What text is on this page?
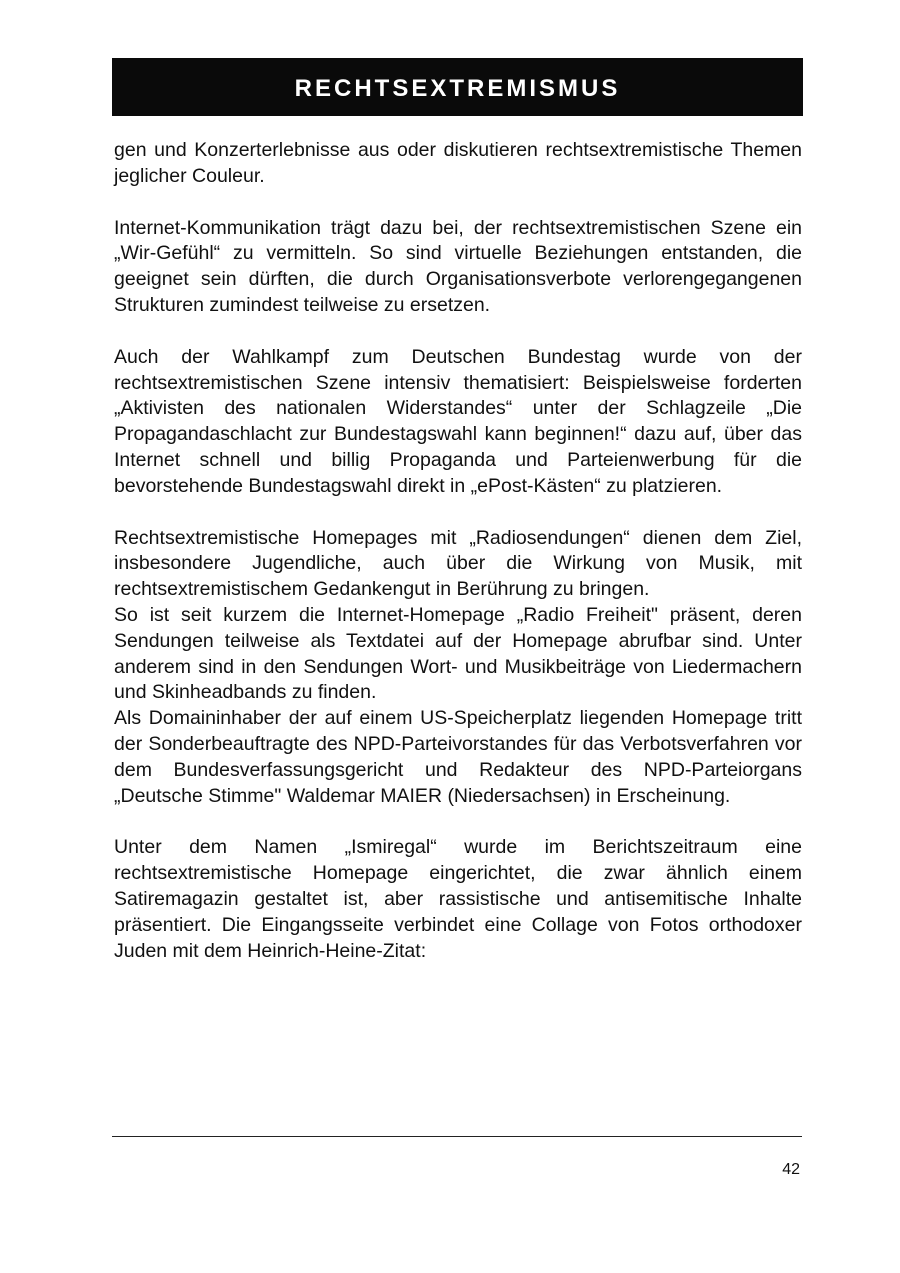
RECHTSEXTREMISMUS

gen und Konzerterlebnisse aus oder diskutieren rechtsextremistische Themen jeglicher Couleur.

Internet-Kommunikation trägt dazu bei, der rechtsextremistischen Szene ein „Wir-Gefühl“ zu vermitteln. So sind virtuelle Beziehungen entstanden, die geeignet sein dürften, die durch Organisationsverbote verlorengegangenen Strukturen zumindest teilweise zu ersetzen.

Auch der Wahlkampf zum Deutschen Bundestag wurde von der rechtsextremistischen Szene intensiv thematisiert: Beispielsweise forderten „Aktivisten des nationalen Widerstandes“ unter der Schlagzeile „Die Propagandaschlacht zur Bundestagswahl kann beginnen!“ dazu auf, über das Internet schnell und billig Propaganda und Parteienwerbung für die bevorstehende Bundestagswahl direkt in „ePost-Kästen“ zu platzieren.

Rechtsextremistische Homepages mit „Radiosendungen“ dienen dem Ziel, insbesondere Jugendliche, auch über die Wirkung von Musik, mit rechtsextremistischem Gedankengut in Berührung zu bringen.

So ist seit kurzem die Internet-Homepage „Radio Freiheit" präsent, deren Sendungen teilweise als Textdatei auf der Homepage abrufbar sind. Unter anderem sind in den Sendungen Wort- und Musikbeiträge von Liedermachern und Skinheadbands zu finden.

Als Domaininhaber der auf einem US-Speicherplatz liegenden Homepage tritt der Sonderbeauftragte des NPD-Parteivorstandes für das Verbotsverfahren vor dem Bundesverfassungsgericht und Redakteur des NPD-Parteiorgans „Deutsche Stimme" Waldemar MAIER (Niedersachsen) in Erscheinung.

Unter dem Namen „Ismiregal“ wurde im Berichtszeitraum eine rechtsextremistische Homepage eingerichtet, die zwar ähnlich einem Satiremagazin gestaltet ist, aber rassistische und antisemitische Inhalte präsentiert. Die Eingangsseite verbindet eine Collage von Fotos orthodoxer Juden mit dem Heinrich-Heine-Zitat:

42
